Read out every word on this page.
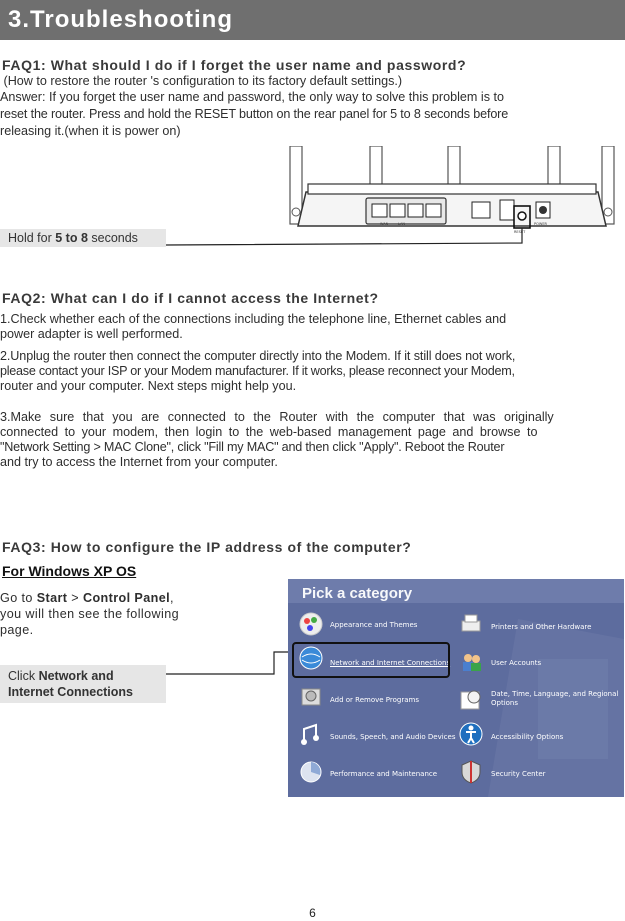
3.Troubleshooting
FAQ1: What should I do if I forget the user name and password?
(How to restore the router 's configuration to its factory default settings.)
Answer: If you forget the user name and password, the only way to solve this problem is to
reset the router. Press and hold the RESET button on the rear panel for 5 to 8 seconds before
releasing it.(when it is power on)
WAN	LAN
RESET
POWER
Hold for 5 to 8 seconds
FAQ2: What can I do if I cannot access the Internet?
1.Check whether each of the connections including the telephone line, Ethernet cables and
power adapter is well performed.
2.Unplug the router then connect the computer directly into the Modem. If it still does not work,
please contact your ISP or your Modem manufacturer. If it works, please reconnect your Modem,
router and your computer. Next steps might help you.
3.Make sure that you are connected to the Router with the computer that was originally
connected to your modem, then login to the web-based management page and browse to
"Network Setting > MAC Clone", click "Fill my MAC" and then click "Apply". Reboot the Router
and try to access the Internet from your computer.
FAQ3: How to configure the IP address of the computer?
For Windows XP OS
Go to Start > Control Panel,
you will then see the following
page.
Click Network and
Internet Connections
Pick a category
Appearance and Themes
Network and Internet Connections
Add or Remove Programs
Sounds, Speech, and Audio Devices
Performance and Maintenance
Printers and Other Hardware
User Accounts
Date, Time, Language, and Regional
Options
Accessibility Options
Security Center
6
